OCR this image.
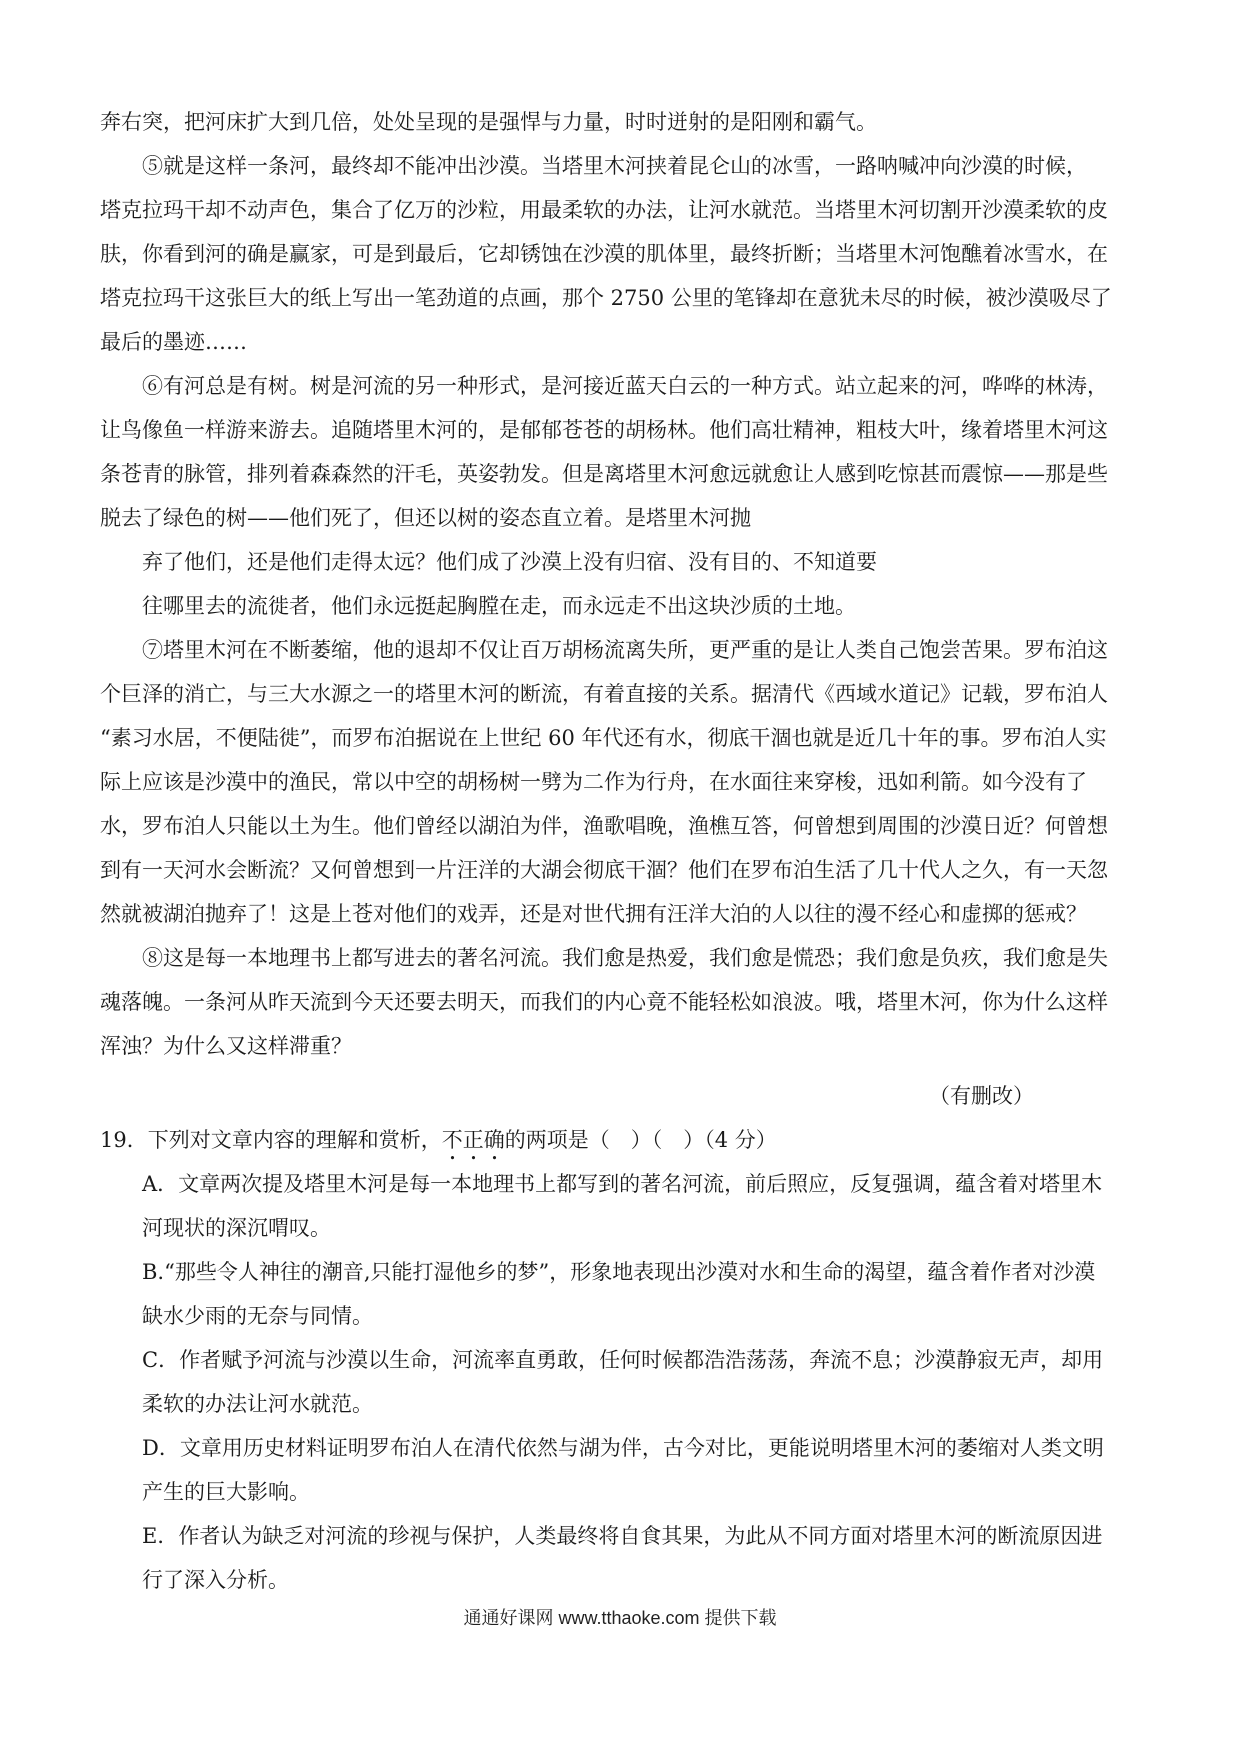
奔右突，把河床扩大到几倍，处处呈现的是强悍与力量，时时迸射的是阳刚和霸气。
⑤就是这样一条河，最终却不能冲出沙漠。当塔里木河挟着昆仑山的冰雪，一路呐喊冲向沙漠的时候，
塔克拉玛干却不动声色，集合了亿万的沙粒，用最柔软的办法，让河水就范。当塔里木河切割开沙漠柔软的皮
肤，你看到河的确是赢家，可是到最后，它却锈蚀在沙漠的肌体里，最终折断；当塔里木河饱醮着冰雪水，在
塔克拉玛干这张巨大的纸上写出一笔劲道的点画，那个 2750 公里的笔锋却在意犹未尽的时候，被沙漠吸尽了
最后的墨迹……
⑥有河总是有树。树是河流的另一种形式，是河接近蓝天白云的一种方式。站立起来的河，哗哗的林涛，
让鸟像鱼一样游来游去。追随塔里木河的，是郁郁苍苍的胡杨林。他们高壮精神，粗枝大叶，缘着塔里木河这
条苍青的脉管，排列着森森然的汗毛，英姿勃发。但是离塔里木河愈远就愈让人感到吃惊甚而震惊——那是些
脱去了绿色的树——他们死了，但还以树的姿态直立着。是塔里木河抛
弃了他们，还是他们走得太远？他们成了沙漠上没有归宿、没有目的、不知道要
往哪里去的流徙者，他们永远挺起胸膛在走，而永远走不出这块沙质的土地。
⑦塔里木河在不断萎缩，他的退却不仅让百万胡杨流离失所，更严重的是让人类自己饱尝苦果。罗布泊这
个巨泽的消亡，与三大水源之一的塔里木河的断流，有着直接的关系。据清代《西域水道记》记载，罗布泊人
“素习水居，不便陆徙”，而罗布泊据说在上世纪 60 年代还有水，彻底干涸也就是近几十年的事。罗布泊人实
际上应该是沙漠中的渔民，常以中空的胡杨树一劈为二作为行舟，在水面往来穿梭，迅如利箭。如今没有了
水，罗布泊人只能以土为生。他们曾经以湖泊为伴，渔歌唱晚，渔樵互答，何曾想到周围的沙漠日近？何曾想
到有一天河水会断流？又何曾想到一片汪洋的大湖会彻底干涸？他们在罗布泊生活了几十代人之久，有一天忽
然就被湖泊抛弃了！这是上苍对他们的戏弄，还是对世代拥有汪洋大泊的人以往的漫不经心和虚掷的惩戒？
⑧这是每一本地理书上都写进去的著名河流。我们愈是热爱，我们愈是慌恐；我们愈是负疚，我们愈是失
魂落魄。一条河从昨天流到今天还要去明天，而我们的内心竟不能轻松如浪波。哦，塔里木河，你为什么这样
浑浊？为什么又这样滞重？
（有删改）
19．下列对文章内容的理解和赏析，不正确的两项是（　）（　）（4 分）
A．文章两次提及塔里木河是每一本地理书上都写到的著名河流，前后照应，反复强调，蕴含着对塔里木
河现状的深沉喟叹。
B.“那些令人神往的潮音,只能打湿他乡的梦”，形象地表现出沙漠对水和生命的渴望，蕴含着作者对沙漠
缺水少雨的无奈与同情。
C．作者赋予河流与沙漠以生命，河流率直勇敢，任何时候都浩浩荡荡，奔流不息；沙漠静寂无声，却用
柔软的办法让河水就范。
D．文章用历史材料证明罗布泊人在清代依然与湖为伴，古今对比，更能说明塔里木河的萎缩对人类文明
产生的巨大影响。
E．作者认为缺乏对河流的珍视与保护，人类最终将自食其果，为此从不同方面对塔里木河的断流原因进
行了深入分析。
通通好课网 www.tthaoke.com 提供下载
